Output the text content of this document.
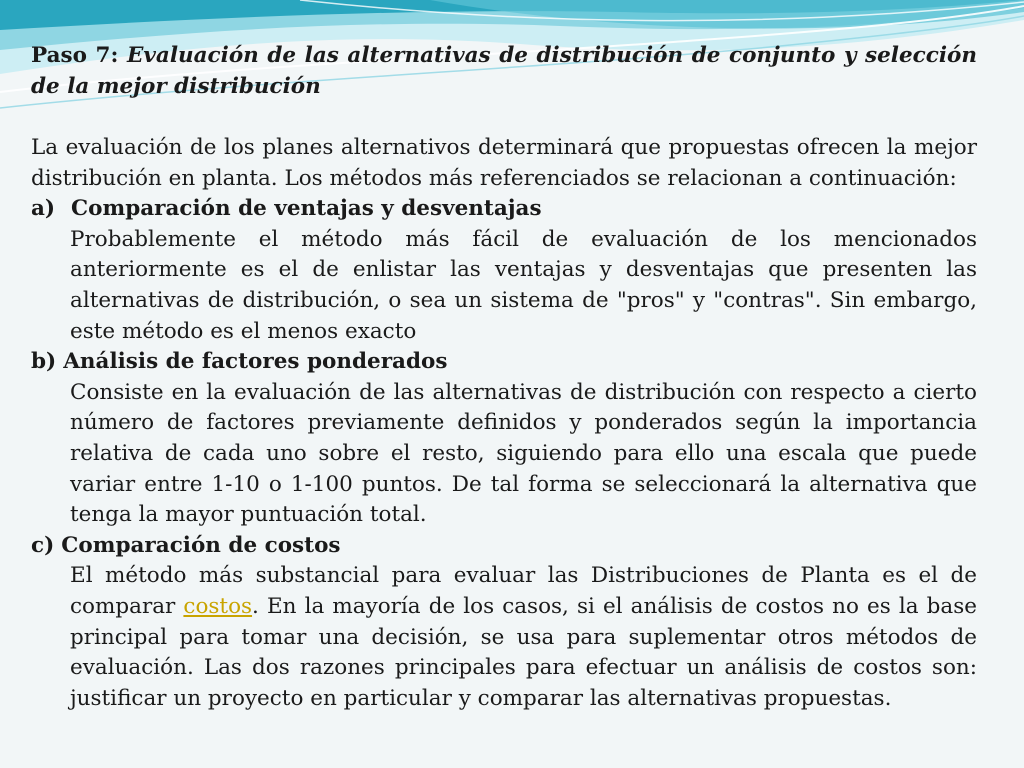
Paso 7: Evaluación de las alternativas de distribución de conjunto y selección de la mejor distribución

La evaluación de los planes alternativos determinará que propuestas ofrecen la mejor distribución en planta. Los métodos más referenciados se relacionan a continuación:

a) Comparación de ventajas y desventajas

Probablemente el método más fácil de evaluación de los mencionados anteriormente es el de enlistar las ventajas y desventajas que presenten las alternativas de distribución, o sea un sistema de "pros" y "contras". Sin embargo, este método es el menos exacto

b) Análisis de factores ponderados

Consiste en la evaluación de las alternativas de distribución con respecto a cierto número de factores previamente definidos y ponderados según la importancia relativa de cada uno sobre el resto, siguiendo para ello una escala que puede variar entre 1-10 o 1-100 puntos. De tal forma se seleccionará la alternativa que tenga la mayor puntuación total.

c) Comparación de costos

El método más substancial para evaluar las Distribuciones de Planta es el de comparar costos. En la mayoría de los casos, si el análisis de costos no es la base principal para tomar una decisión, se usa para suplementar otros métodos de evaluación. Las dos razones principales para efectuar un análisis de costos son: justificar un proyecto en particular y comparar las alternativas propuestas.
